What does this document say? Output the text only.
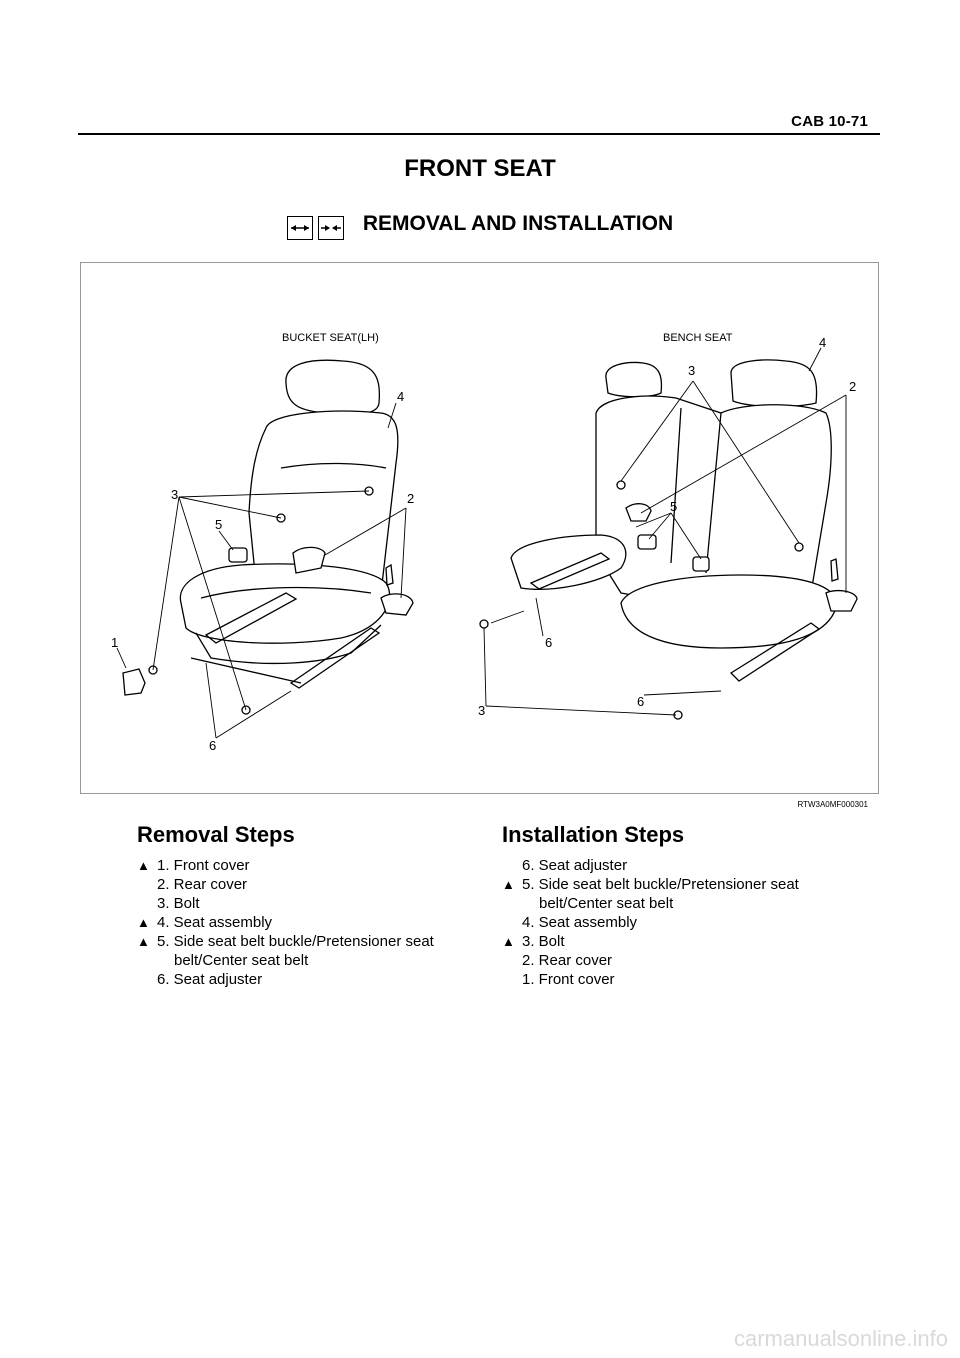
CAB 10-71
FRONT SEAT
REMOVAL AND INSTALLATION
BUCKET SEAT(LH)	BENCH SEAT
1
2
3
4
5
6
2
3
3
4
5
6
6
RTW3A0MF000301
Removal Steps
▲ 1. Front cover
2. Rear cover
3. Bolt
▲ 4. Seat assembly
▲ 5. Side seat belt buckle/Pretensioner seat
belt/Center seat belt
6. Seat adjuster
Installation Steps
6. Seat adjuster
▲ 5. Side seat belt buckle/Pretensioner seat
belt/Center seat belt
4. Seat assembly
▲ 3. Bolt
2. Rear cover
1. Front cover
carmanualsonline.info
